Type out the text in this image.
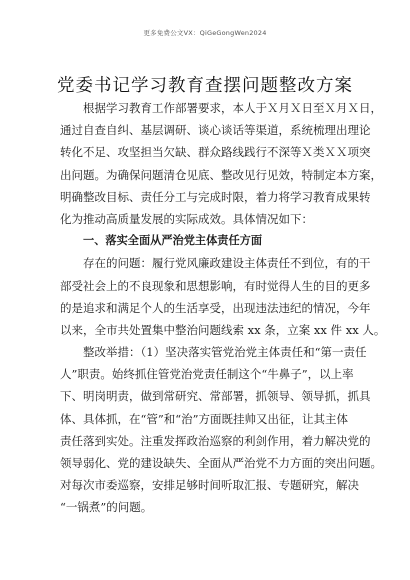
更多免费公文VX：QiGeGongWen2024
党委书记学习教育查摆问题整改方案
根据学习教育工作部署要求，本人于Ｘ月Ｘ日至Ｘ月Ｘ日，
通过自查自纠、基层调研、谈心谈话等渠道，系统梳理出理论
转化不足、攻坚担当欠缺、群众路线践行不深等Ｘ类ＸＸ项突
出问题。为确保问题清仓见底、整改见行见效，特制定本方案，
明确整改目标、责任分工与完成时限，着力将学习教育成果转
化为推动高质量发展的实际成效。具体情况如下：
一、落实全面从严治党主体责任方面
存在的问题：履行党风廉政建设主体责任不到位，有的干
部受社会上的不良现象和思想影响，有时觉得人生的目的更多
的是追求和满足个人的生活享受，出现违法违纪的情况，今年
以来，全市共处置集中整治问题线索 xx 条，立案 xx 件 xx 人。
整改举措：（1）坚决落实管党治党主体责任和“第一责任
人”职责。始终抓住管党治党责任制这个“牛鼻子”，以上率
下、明岗明责，做到常研究、常部署，抓领导、领导抓，抓具
体、具体抓，在“管”和“治”方面既挂帅又出征，让其主体
责任落到实处。注重发挥政治巡察的利剑作用，着力解决党的
领导弱化、党的建设缺失、全面从严治党不力方面的突出问题。
对每次市委巡察，安排足够时间听取汇报、专题研究，解决
“一锅煮”的问题。
